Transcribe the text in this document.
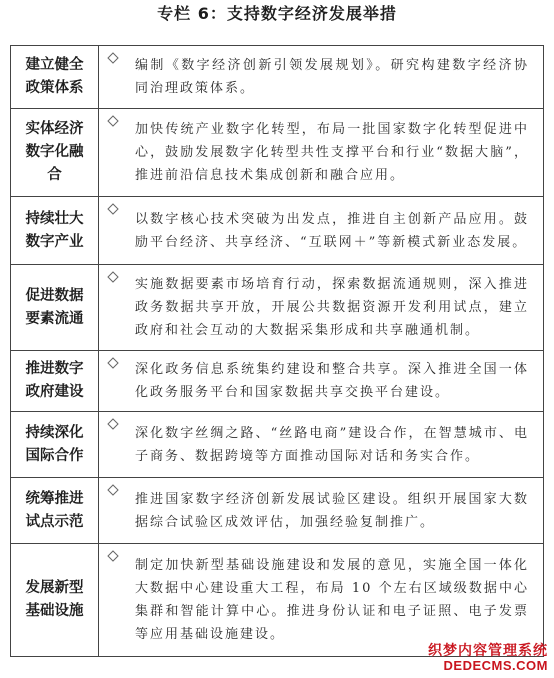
专栏 6：支持数字经济发展举措
建立健全政策体系
编制《数字经济创新引领发展规划》。研究构建数字经济协同治理政策体系。
实体经济数字化融合
加快传统产业数字化转型，布局一批国家数字化转型促进中心，鼓励发展数字化转型共性支撑平台和行业“数据大脑”，推进前沿信息技术集成创新和融合应用。
持续壮大数字产业
以数字核心技术突破为出发点，推进自主创新产品应用。鼓励平台经济、共享经济、“互联网＋”等新模式新业态发展。
促进数据要素流通
实施数据要素市场培育行动，探索数据流通规则，深入推进政务数据共享开放，开展公共数据资源开发利用试点，建立政府和社会互动的大数据采集形成和共享融通机制。
推进数字政府建设
深化政务信息系统集约建设和整合共享。深入推进全国一体化政务服务平台和国家数据共享交换平台建设。
持续深化国际合作
深化数字丝绸之路、“丝路电商”建设合作，在智慧城市、电子商务、数据跨境等方面推动国际对话和务实合作。
统筹推进试点示范
推进国家数字经济创新发展试验区建设。组织开展国家大数据综合试验区成效评估，加强经验复制推广。
发展新型基础设施
制定加快新型基础设施建设和发展的意见，实施全国一体化大数据中心建设重大工程，布局 10 个左右区域级数据中心集群和智能计算中心。推进身份认证和电子证照、电子发票等应用基础设施建设。
织梦内容管理系统
DEDECMS.COM
